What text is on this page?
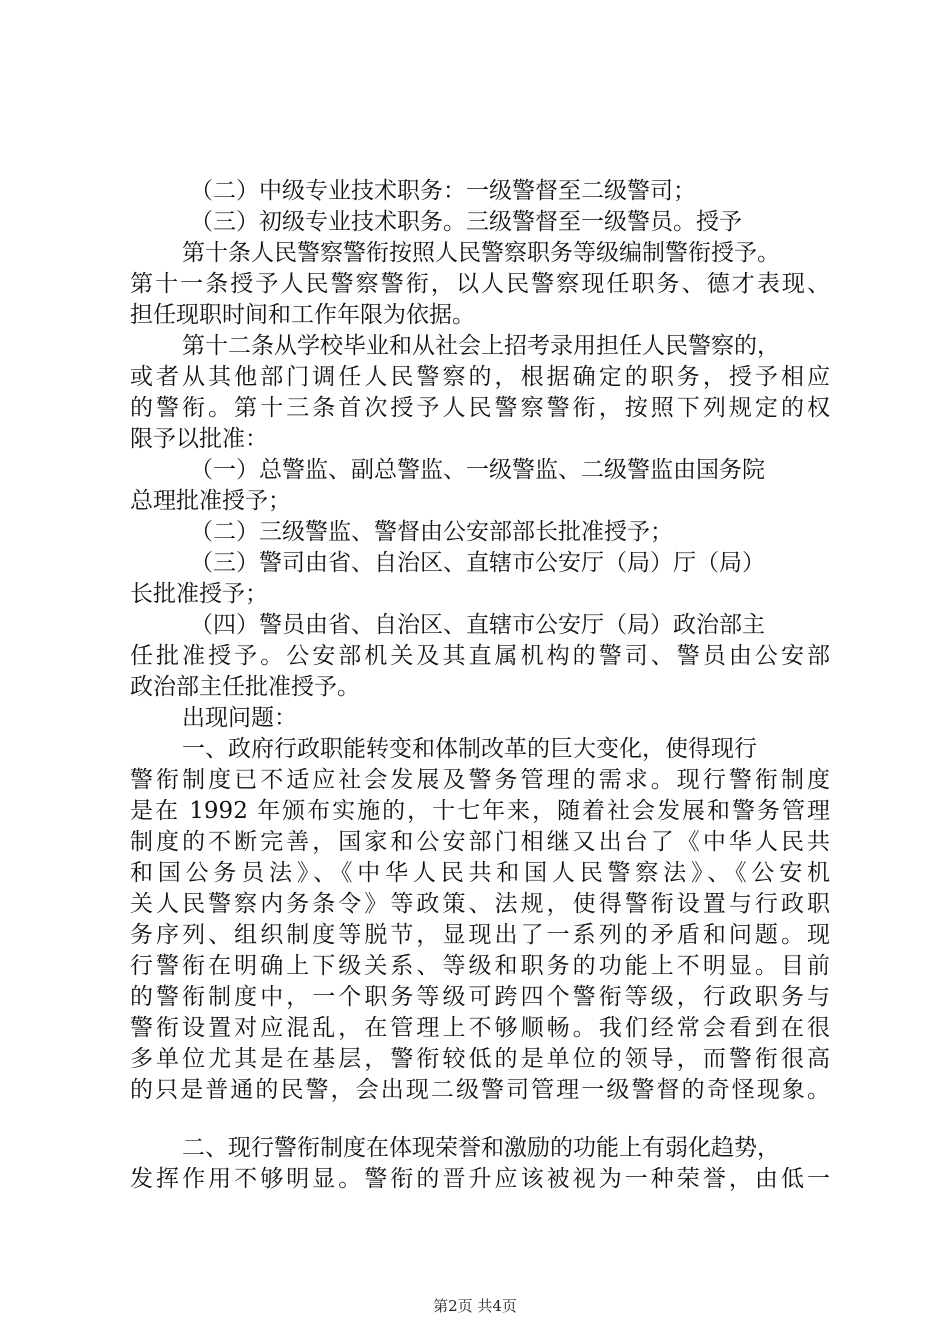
（二）中级专业技术职务：一级警督至二级警司；
（三）初级专业技术职务。三级警督至一级警员。授予
第十条人民警察警衔按照人民警察职务等级编制警衔授予。
第十一条授予人民警察警衔，以人民警察现任职务、德才表现、
担任现职时间和工作年限为依据。
第十二条从学校毕业和从社会上招考录用担任人民警察的，
或者从其他部门调任人民警察的，根据确定的职务，授予相应
的警衔。第十三条首次授予人民警察警衔，按照下列规定的权
限予以批准：
（一）总警监、副总警监、一级警监、二级警监由国务院
总理批准授予；
（二）三级警监、警督由公安部部长批准授予；
（三）警司由省、自治区、直辖市公安厅（局）厅（局）
长批准授予；
（四）警员由省、自治区、直辖市公安厅（局）政治部主
任批准授予。公安部机关及其直属机构的警司、警员由公安部
政治部主任批准授予。
出现问题：
一、政府行政职能转变和体制改革的巨大变化，使得现行
警衔制度已不适应社会发展及警务管理的需求。现行警衔制度
是在 1992 年颁布实施的，十七年来，随着社会发展和警务管理
制度的不断完善，国家和公安部门相继又出台了《中华人民共
和国公务员法》、《中华人民共和国人民警察法》、《公安机
关人民警察内务条令》等政策、法规，使得警衔设置与行政职
务序列、组织制度等脱节，显现出了一系列的矛盾和问题。现
行警衔在明确上下级关系、等级和职务的功能上不明显。目前
的警衔制度中，一个职务等级可跨四个警衔等级，行政职务与
警衔设置对应混乱，在管理上不够顺畅。我们经常会看到在很
多单位尤其是在基层，警衔较低的是单位的领导，而警衔很高
的只是普通的民警，会出现二级警司管理一级警督的奇怪现象。
二、现行警衔制度在体现荣誉和激励的功能上有弱化趋势，
发挥作用不够明显。警衔的晋升应该被视为一种荣誉，由低一
第2页 共4页
